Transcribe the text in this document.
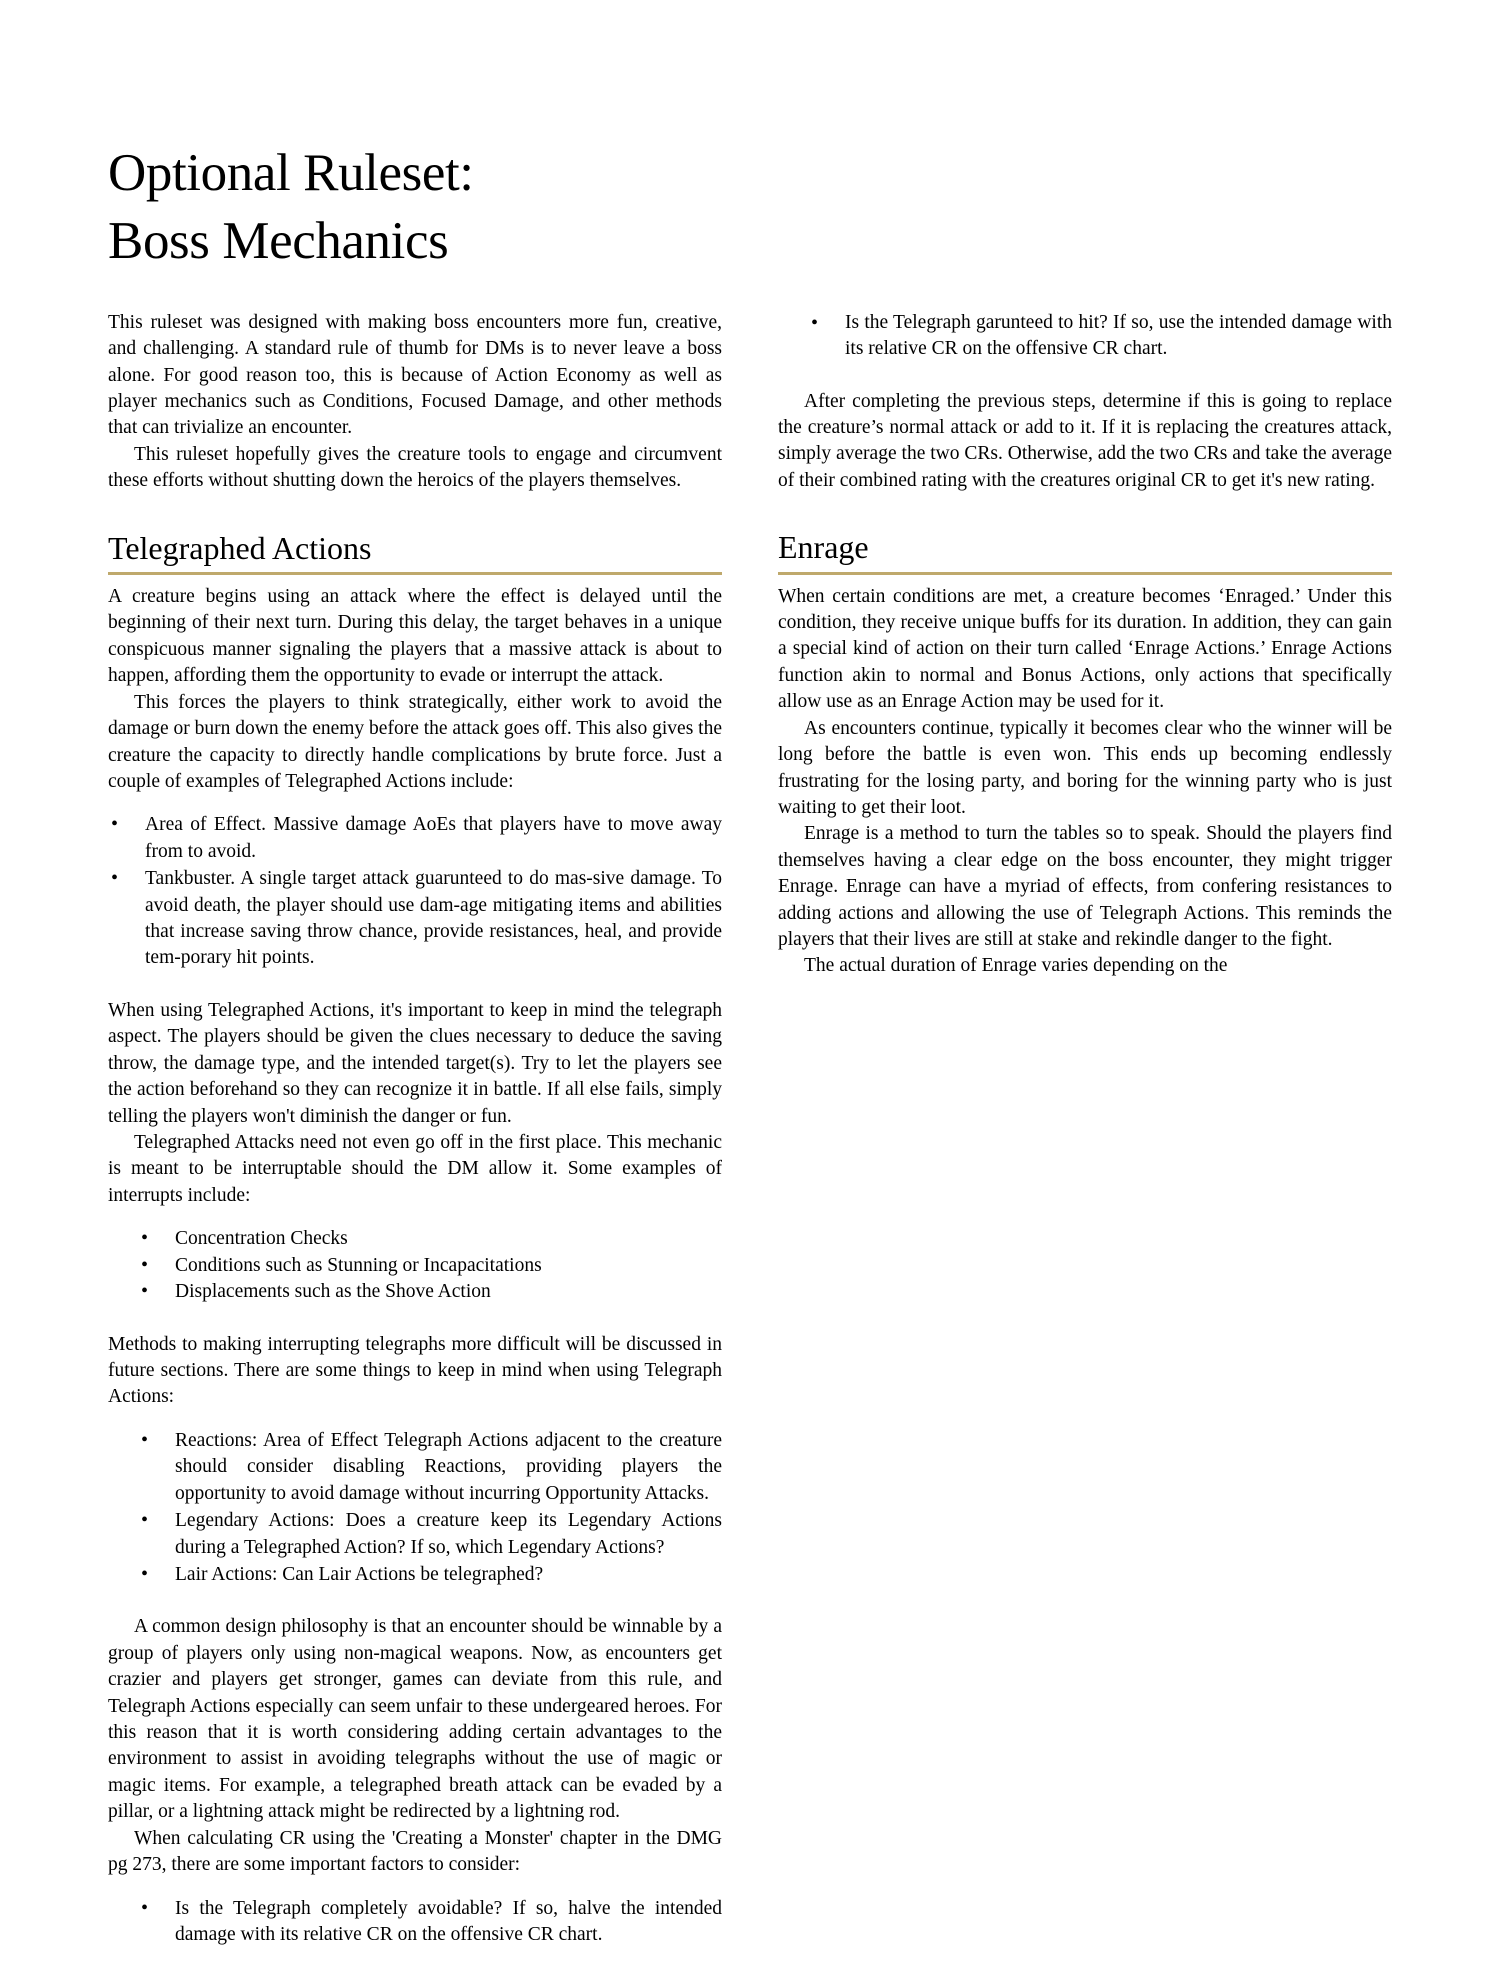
Optional Ruleset: Boss Mechanics

This ruleset was designed with making boss encounters more fun, creative, and challenging. A standard rule of thumb for DMs is to never leave a boss alone. For good reason too, this is because of Action Economy as well as player mechanics such as Conditions, Focused Damage, and other methods that can trivialize an encounter.

This ruleset hopefully gives the creature tools to engage and circumvent these efforts without shutting down the heroics of the players themselves.

Telegraphed Actions

A creature begins using an attack where the effect is delayed until the beginning of their next turn. During this delay, the target behaves in a unique conspicuous manner signaling the players that a massive attack is about to happen, affording them the opportunity to evade or interrupt the attack.

This forces the players to think strategically, either work to avoid the damage or burn down the enemy before the attack goes off. This also gives the creature the capacity to directly handle complications by brute force. Just a couple of examples of Telegraphed Actions include:

• Area of Effect. Massive damage AoEs that players have to move away from to avoid.
• Tankbuster. A single target attack guarunteed to do mas-sive damage. To avoid death, the player should use dam-age mitigating items and abilities that increase saving throw chance, provide resistances, heal, and provide tem-porary hit points.

When using Telegraphed Actions, it's important to keep in mind the telegraph aspect. The players should be given the clues necessary to deduce the saving throw, the damage type, and the intended target(s). Try to let the players see the action beforehand so they can recognize it in battle. If all else fails, simply telling the players won't diminish the danger or fun.

Telegraphed Attacks need not even go off in the first place. This mechanic is meant to be interruptable should the DM allow it. Some examples of interrupts include:

• Concentration Checks
• Conditions such as Stunning or Incapacitations
• Displacements such as the Shove Action

Methods to making interrupting telegraphs more difficult will be discussed in future sections. There are some things to keep in mind when using Telegraph Actions:

• Reactions: Area of Effect Telegraph Actions adjacent to the creature should consider disabling Reactions, providing players the opportunity to avoid damage without incurring Opportunity Attacks.
• Legendary Actions: Does a creature keep its Legendary Actions during a Telegraphed Action? If so, which Legendary Actions?
• Lair Actions: Can Lair Actions be telegraphed?

A common design philosophy is that an encounter should be winnable by a group of players only using non-magical weapons. Now, as encounters get crazier and players get stronger, games can deviate from this rule, and Telegraph Actions especially can seem unfair to these undergeared heroes. For this reason that it is worth considering adding certain advantages to the environment to assist in avoiding telegraphs without the use of magic or magic items. For example, a telegraphed breath attack can be evaded by a pillar, or a lightning attack might be redirected by a lightning rod.

When calculating CR using the 'Creating a Monster' chapter in the DMG pg 273, there are some important factors to consider:

• Is the Telegraph completely avoidable? If so, halve the intended damage with its relative CR on the offensive CR chart.
• Is the Telegraph garunteed to hit? If so, use the intended damage with its relative CR on the offensive CR chart.

After completing the previous steps, determine if this is going to replace the creature’s normal attack or add to it. If it is replacing the creatures attack, simply average the two CRs. Otherwise, add the two CRs and take the average of their combined rating with the creatures original CR to get it's new rating.

Enrage

When certain conditions are met, a creature becomes ‘Enraged.’ Under this condition, they receive unique buffs for its duration. In addition, they can gain a special kind of action on their turn called ‘Enrage Actions.’ Enrage Actions function akin to normal and Bonus Actions, only actions that specifically allow use as an Enrage Action may be used for it.

As encounters continue, typically it becomes clear who the winner will be long before the battle is even won. This ends up becoming endlessly frustrating for the losing party, and boring for the winning party who is just waiting to get their loot.

Enrage is a method to turn the tables so to speak. Should the players find themselves having a clear edge on the boss encounter, they might trigger Enrage. Enrage can have a myriad of effects, from confering resistances to adding actions and allowing the use of Telegraph Actions. This reminds the players that their lives are still at stake and rekindle danger to the fight.

The actual duration of Enrage varies depending on the
